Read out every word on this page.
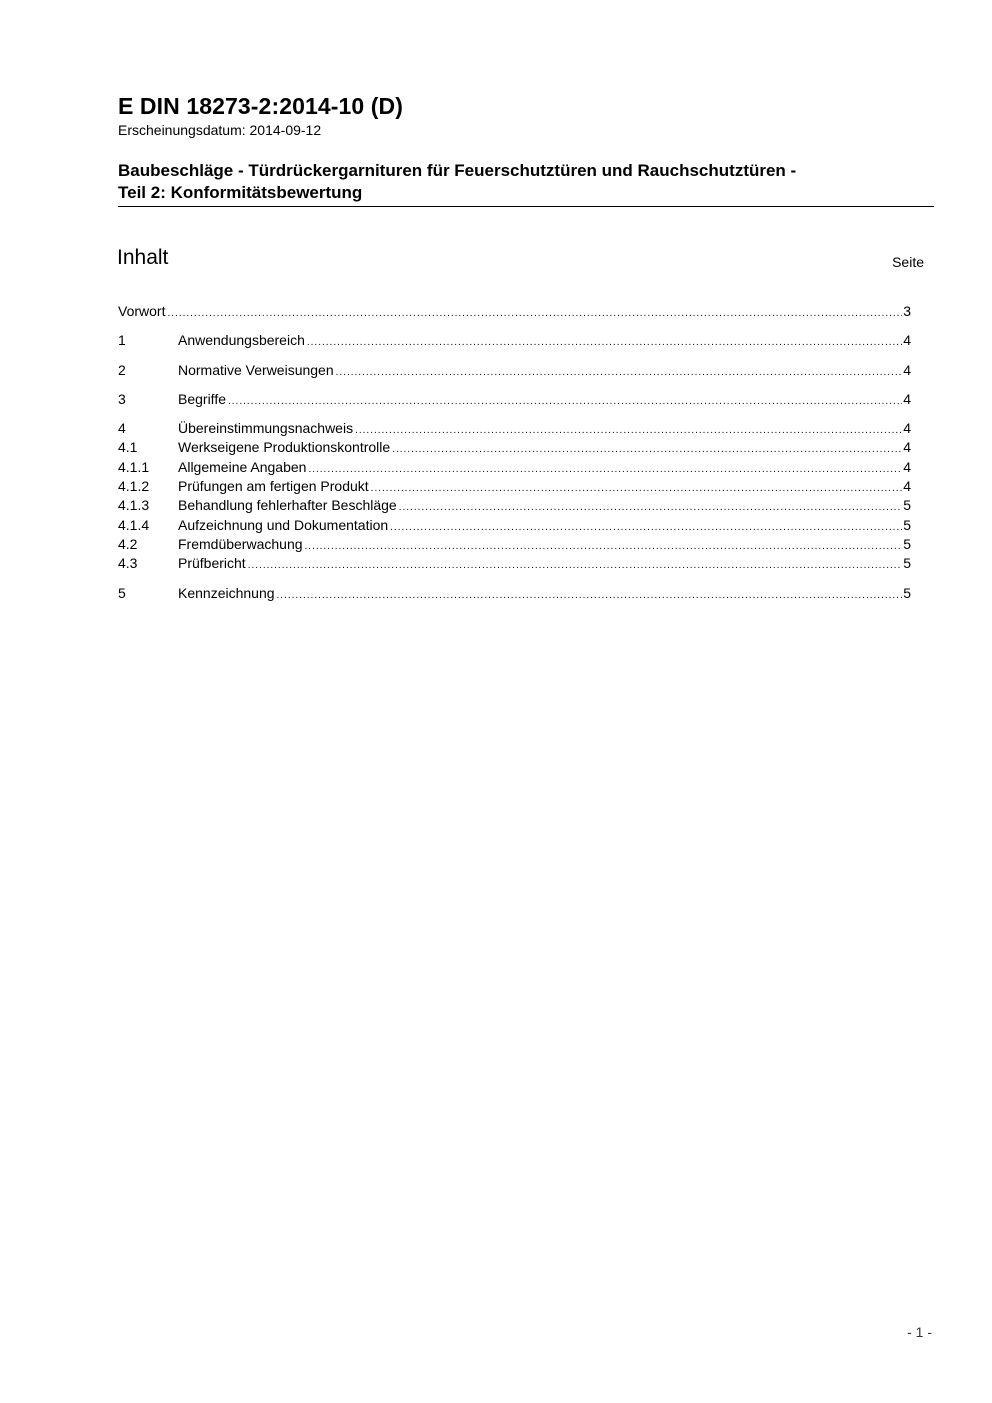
E DIN 18273-2:2014-10 (D)
Erscheinungsdatum: 2014-09-12
Baubeschläge - Türdrückergarnituren für Feuerschutztüren und Rauchschutztüren -
Teil 2: Konformitätsbewertung
Inhalt	Seite
Vorwort .....	3
1	Anwendungsbereich .....	4
2	Normative Verweisungen .....	4
3	Begriffe .....	4
4	Übereinstimmungsnachweis .....	4
4.1	Werkseigene Produktionskontrolle .....	4
4.1.1	Allgemeine Angaben .....	4
4.1.2	Prüfungen am fertigen Produkt .....	4
4.1.3	Behandlung fehlerhafter Beschläge .....	5
4.1.4	Aufzeichnung und Dokumentation .....	5
4.2	Fremdüberwachung .....	5
4.3	Prüfbericht .....	5
5	Kennzeichnung .....	5
- 1 -
